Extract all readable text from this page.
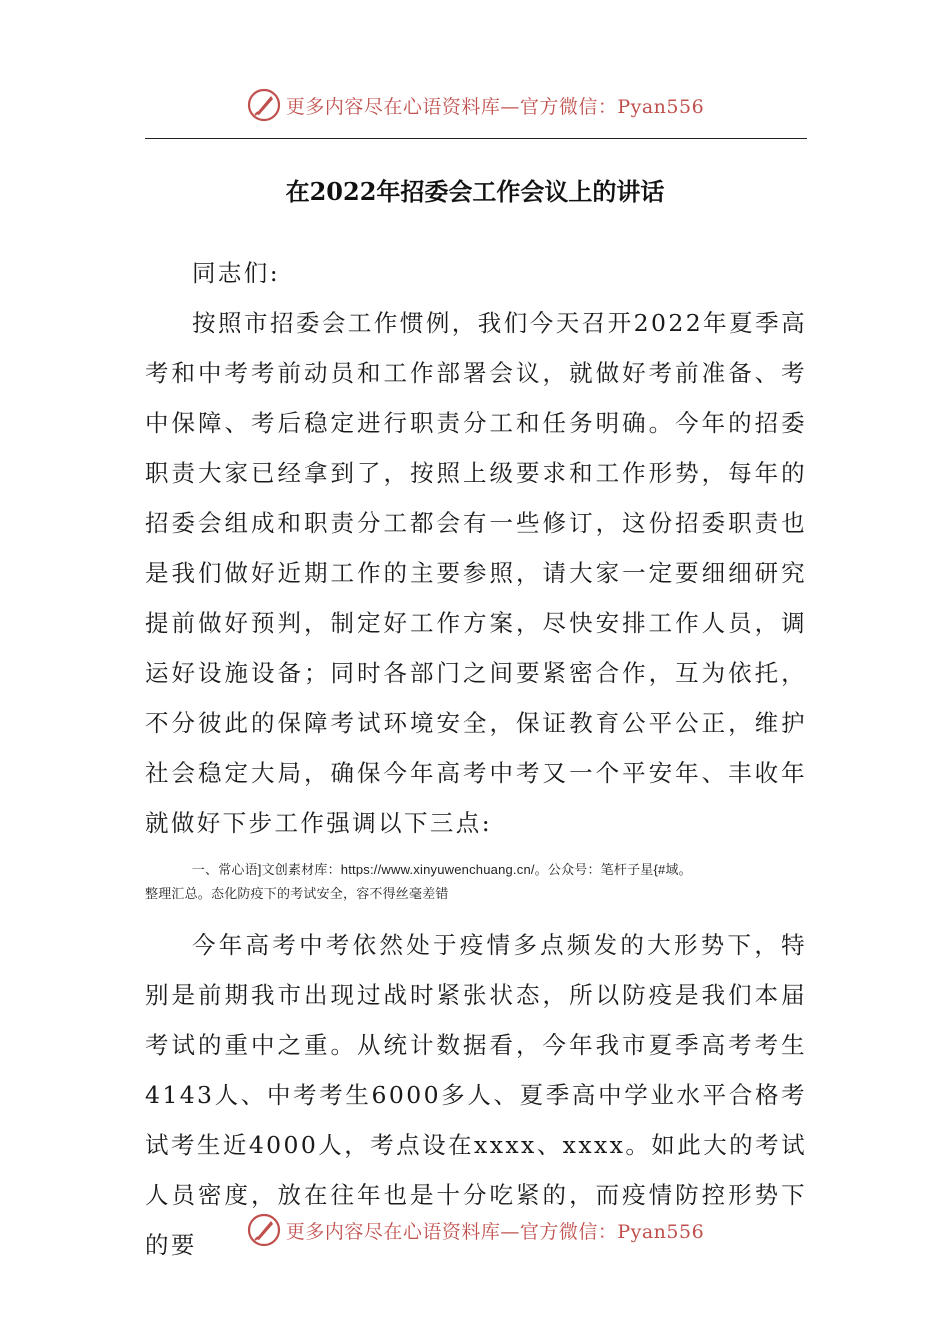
更多内容尽在心语资料库—官方微信：Pyan556
在2022年招委会工作会议上的讲话

同志们:

按照市招委会工作惯例，我们今天召开2022年夏季高考和中考考前动员和工作部署会议，就做好考前准备、考中保障、考后稳定进行职责分工和任务明确。今年的招委职责大家已经拿到了，按照上级要求和工作形势，每年的招委会组成和职责分工都会有一些修订，这份招委职责也是我们做好近期工作的主要参照，请大家一定要细细研究提前做好预判，制定好工作方案，尽快安排工作人员，调运好设施设备；同时各部门之间要紧密合作，互为依托，不分彼此的保障考试环境安全，保证教育公平公正，维护社会稳定大局，确保今年高考中考又一个平安年、丰收年就做好下步工作强调以下三点:

一、常心语]文创素材库：https://www.xinyuwenchuang.cn/。公众号：笔杆子星{#域。
整理汇总。态化防疫下的考试安全，容不得丝毫差错

今年高考中考依然处于疫情多点频发的大形势下，特别是前期我市出现过战时紧张状态，所以防疫是我们本届考试的重中之重。从统计数据看，今年我市夏季高考考生4143人、中考考生6000多人、夏季高中学业水平合格考试考生近4000人，考点设在xxxx、xxxx。如此大的考试人员密度，放在往年也是十分吃紧的，而疫情防控形势下的要	更多内容尽在心语资料库—官方微信：Pyan556
